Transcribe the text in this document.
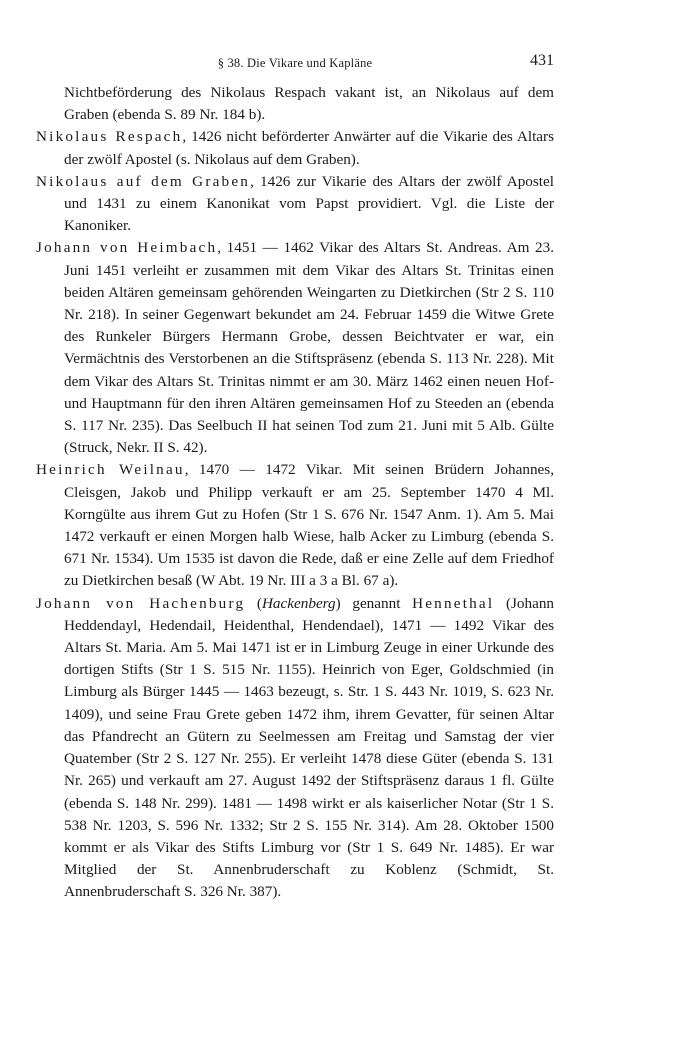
§ 38. Die Vikare und Kapläne	431

Nichtbeförderung des Nikolaus Respach vakant ist, an Nikolaus auf dem Graben (ebenda S. 89 Nr. 184 b).

Nikolaus Respach, 1426 nicht beförderter Anwärter auf die Vikarie des Altars der zwölf Apostel (s. Nikolaus auf dem Graben).

Nikolaus auf dem Graben, 1426 zur Vikarie des Altars der zwölf Apostel und 1431 zu einem Kanonikat vom Papst providiert. Vgl. die Liste der Kanoniker.

Johann von Heimbach, 1451 — 1462 Vikar des Altars St. Andreas. Am 23. Juni 1451 verleiht er zusammen mit dem Vikar des Altars St. Trinitas einen beiden Altären gemeinsam gehörenden Weingarten zu Dietkirchen (Str 2 S. 110 Nr. 218). In seiner Gegenwart bekundet am 24. Februar 1459 die Witwe Grete des Runkeler Bürgers Hermann Grobe, dessen Beichtvater er war, ein Vermächtnis des Verstorbenen an die Stiftspräsenz (ebenda S. 113 Nr. 228). Mit dem Vikar des Altars St. Trinitas nimmt er am 30. März 1462 einen neuen Hof- und Hauptmann für den ihren Altären gemeinsamen Hof zu Steeden an (ebenda S. 117 Nr. 235). Das Seelbuch II hat seinen Tod zum 21. Juni mit 5 Alb. Gülte (Struck, Nekr. II S. 42).

Heinrich Weilnau, 1470 — 1472 Vikar. Mit seinen Brüdern Johannes, Cleisgen, Jakob und Philipp verkauft er am 25. September 1470 4 Ml. Korngülte aus ihrem Gut zu Hofen (Str 1 S. 676 Nr. 1547 Anm. 1). Am 5. Mai 1472 verkauft er einen Morgen halb Wiese, halb Acker zu Limburg (ebenda S. 671 Nr. 1534). Um 1535 ist davon die Rede, daß er eine Zelle auf dem Friedhof zu Dietkirchen besaß (W Abt. 19 Nr. III a 3 a Bl. 67 a).

Johann von Hachenburg (Hackenberg) genannt Hennethal (Johann Heddendayl, Hedendail, Heidenthal, Hendendael), 1471 — 1492 Vikar des Altars St. Maria. Am 5. Mai 1471 ist er in Limburg Zeuge in einer Urkunde des dortigen Stifts (Str 1 S. 515 Nr. 1155). Heinrich von Eger, Goldschmied (in Limburg als Bürger 1445 — 1463 bezeugt, s. Str. 1 S. 443 Nr. 1019, S. 623 Nr. 1409), und seine Frau Grete geben 1472 ihm, ihrem Gevatter, für seinen Altar das Pfandrecht an Gütern zu Seelmessen am Freitag und Samstag der vier Quatember (Str 2 S. 127 Nr. 255). Er verleiht 1478 diese Güter (ebenda S. 131 Nr. 265) und verkauft am 27. August 1492 der Stiftspräsenz daraus 1 fl. Gülte (ebenda S. 148 Nr. 299). 1481 — 1498 wirkt er als kaiserlicher Notar (Str 1 S. 538 Nr. 1203, S. 596 Nr. 1332; Str 2 S. 155 Nr. 314). Am 28. Oktober 1500 kommt er als Vikar des Stifts Limburg vor (Str 1 S. 649 Nr. 1485). Er war Mitglied der St. Annenbruderschaft zu Koblenz (Schmidt, St. Annenbruderschaft S. 326 Nr. 387).
